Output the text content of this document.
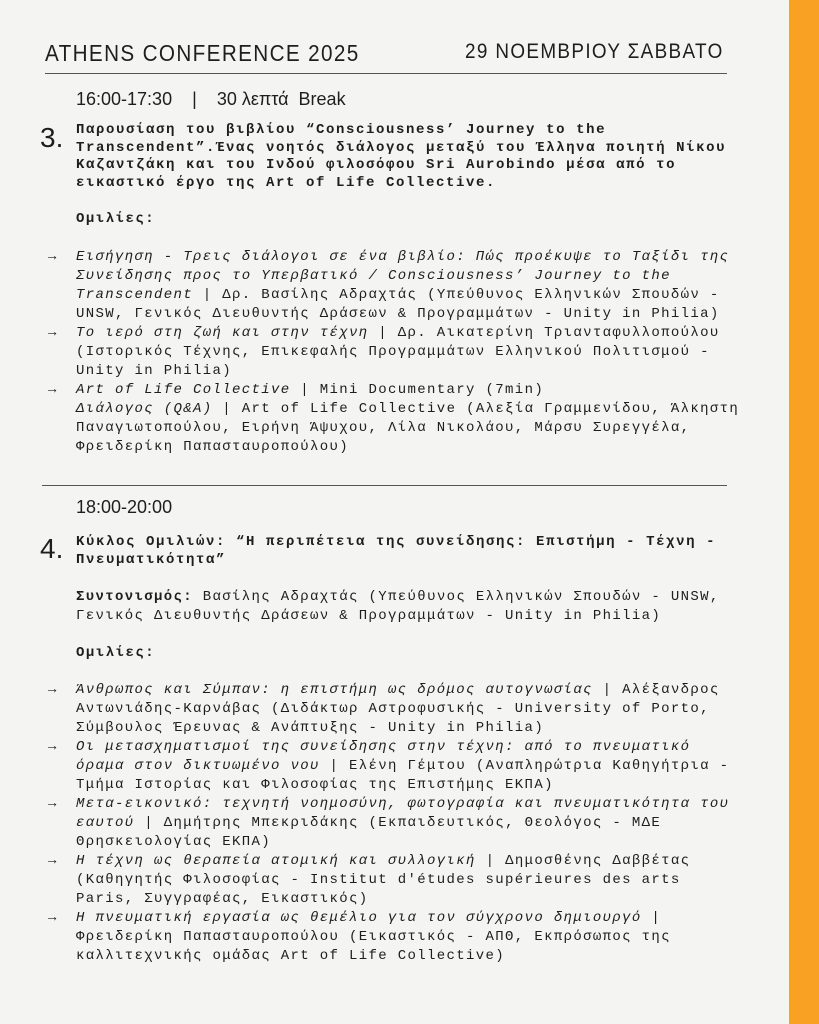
ATHENS CONFERENCE 2025	29 ΝΟΕΜΒΡΙΟΥ ΣΑΒΒΑΤΟ
16:00-17:30 | 30 λεπτά  Break
3. Παρουσίαση του βιβλίου “Consciousness’ Journey to the Transcendent”.Ένας νοητός διάλογος μεταξύ του Έλληνα ποιητή Νίκου Καζαντζάκη και του Ινδού φιλοσόφου Sri Aurobindo μέσα από το εικαστικό έργο της Art of Life Collective.
Ομιλίες:
→ Εισήγηση - Τρεις διάλογοι σε ένα βιβλίο: Πώς προέκυψε το Ταξίδι της Συνείδησης προς το Υπερβατικό / Consciousness’ Journey to the Transcendent | Δρ. Βασίλης Αδραχτάς (Υπεύθυνος Ελληνικών Σπουδών - UNSW, Γενικός Διευθυντής Δράσεων & Προγραμμάτων - Unity in Philia)
→ Το ιερό στη ζωή και στην τέχνη | Δρ. Αικατερίνη Τριανταφυλλοπούλου (Ιστορικός Τέχνης, Επικεφαλής Προγραμμάτων Ελληνικού Πολιτισμού - Unity in Philia)
→ Art of Life Collective | Mini Documentary (7min)
Διάλογος (Q&A) | Art of Life Collective (Αλεξία Γραμμενίδου, Άλκηστη Παναγιωτοπούλου, Ειρήνη Άψυχου, Λίλα Νικολάου, Μάρσυ Συρεγγέλα, Φρειδερίκη Παπασταυροπούλου)
18:00-20:00
4. Κύκλος Ομιλιών: “Η περιπέτεια της συνείδησης: Επιστήμη - Τέχνη - Πνευματικότητα”
Συντονισμός: Βασίλης Αδραχτάς (Υπεύθυνος Ελληνικών Σπουδών - UNSW, Γενικός Διευθυντής Δράσεων & Προγραμμάτων - Unity in Philia)
Ομιλίες:
→ Άνθρωπος και Σύμπαν: η επιστήμη ως δρόμος αυτογνωσίας | Αλέξανδρος Αντωνιάδης-Καρνάβας (Διδάκτωρ Αστροφυσικής - University of Porto, Σύμβουλος Έρευνας & Ανάπτυξης - Unity in Philia)
→ Οι μετασχηματισμοί της συνείδησης στην τέχνη: από το πνευματικό όραμα στον δικτυωμένο νου | Ελένη Γέμτου (Αναπληρώτρια Καθηγήτρια - Τμήμα Ιστορίας και Φιλοσοφίας της Επιστήμης ΕΚΠΑ)
→ Μετα-εικονικό: τεχνητή νοημοσύνη, φωτογραφία και πνευματικότητα του εαυτού | Δημήτρης Μπεκριδάκης (Εκπαιδευτικός, Θεολόγος - ΜΔΕ Θρησκειολογίας ΕΚΠΑ)
→ Η τέχνη ως θεραπεία ατομική και συλλογική | Δημοσθένης Δαββέτας (Καθηγητής Φιλοσοφίας - Institut d'études supérieures des arts Paris, Συγγραφέας, Εικαστικός)
→ Η πνευματική εργασία ως θεμέλιο για τον σύγχρονο δημιουργό | Φρειδερίκη Παπασταυροπούλου (Εικαστικός - ΑΠΘ, Εκπρόσωπος της καλλιτεχνικής ομάδας Art of Life Collective)
